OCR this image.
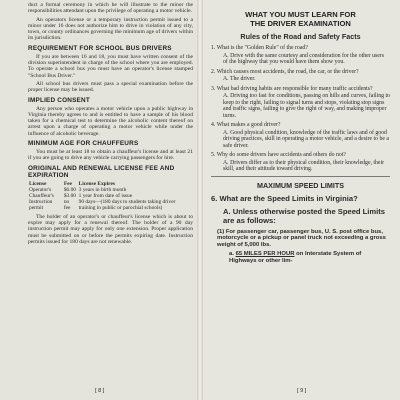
duct a formal ceremony in which he will illustrate to the minor the responsibilities attendant upon the privilege of operating a motor vehicle.

An operators license or a temporary instruction permit issued to a minor under 16 does not authorize him to drive in violation of any city, town, or county ordinances governing the minimum age of drivers within its jurisdiction.

REQUIREMENT FOR SCHOOL BUS DRIVERS

If you are between 16 and 18, you must have written consent of the division superintendent in charge of the school where you are employed. To operate a school bus you must have an operator's license stamped "School Bus Driver."

All school bus drivers must pass a special examination before the proper license may be issued.

IMPLIED CONSENT

Any person who operates a motor vehicle upon a public highway in Virginia thereby agrees to and is entitled to have a sample of his blood taken for a chemical test to determine the alcoholic content thereof on arrest upon a charge of operating a motor vehicle while under the influence of alcoholic beverage.

MINIMUM AGE FOR CHAUFFEURS

You must be at least 18 to obtain a chauffeur's license and at least 21 if you are going to drive any vehicle carrying passengers for hire.

ORIGINAL AND RENEWAL LICENSE FEE AND EXPIRATION
License	Fee	License Expires
Operator's	$6.00	3 years in birth month
Chauffeur's	$3.00	1 year from date of issue
Instruction permit	no fee	90 days—(180 days to students taking driver training in public or parochial schools)

The holder of an operator's or chauffeur's license which is about to expire may apply for a renewal thereof. The holder of a 90 day instruction permit may apply for only one extension. Proper application must be submitted on or before the permits expiring date. Instruction permits issued for 180 days are not renewable.

[ 8 ]
WHAT YOU MUST LEARN FOR
THE DRIVER EXAMINATION
Rules of the Road and Safety Facts
1. What is the "Golden Rule" of the road?
A. Drive with the same courtesy and consideration for the other users of the highway that you would have them show you.
2. Which causes most accidents, the road, the car, or the driver?
A. The driver.
3. What bad driving habits are responsible for many traffic accidents?
A. Driving too fast for conditions, passing on hills and curves, failing to keep to the right, failing to signal turns and stops, violating stop signs and traffic signs, failing to give the right of way, and making improper turns.
4. What makes a good driver?
A. Good physical condition, knowledge of the traffic laws and of good driving practices, skill in operating a motor vehicle, and a desire to be a safe driver.
5. Why do some drivers have accidents and others do not?
A. Drivers differ as to their physical condition, their knowledge, their skill, and their attitude toward driving.
MAXIMUM SPEED LIMITS
6. What are the Speed Limits in Virginia?
A. Unless otherwise posted the Speed Limits are as follows:
(1) For passenger car, passenger bus, U. S. post office bus, motorcycle or a pickup or panel truck not exceeding a gross weight of 5,000 lbs.
a. 65 MILES PER HOUR on Interstate System of Highways or other lim-
[ 9 ]
